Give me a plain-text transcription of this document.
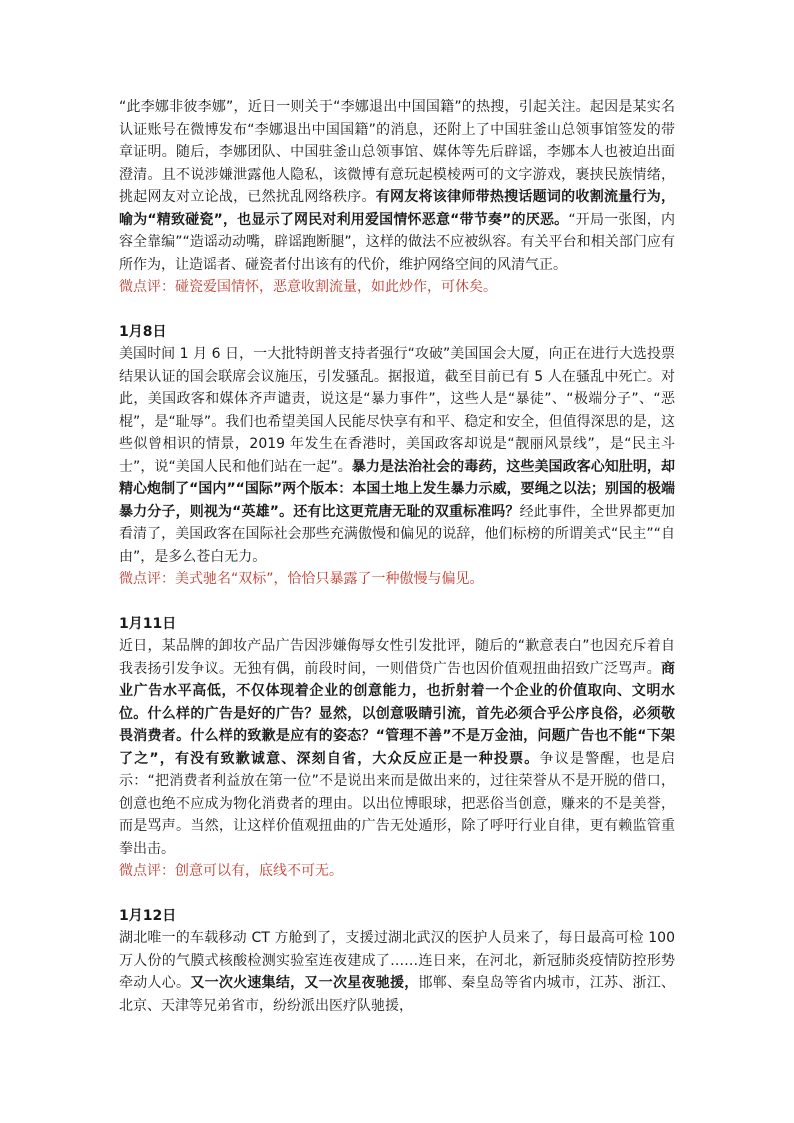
“此李娜非彼李娜”，近日一则关于“李娜退出中国国籍”的热搜，引起关注。起因是某实名认证账号在微博发布“李娜退出中国国籍”的消息，还附上了中国驻釜山总领事馆签发的带章证明。随后，李娜团队、中国驻釜山总领事馆、媒体等先后辟谣，李娜本人也被迫出面澄清。且不说涉嫌泄露他人隐私，该微博有意玩起模棱两可的文字游戏，裹挟民族情绪，挑起网友对立论战，已然扰乱网络秩序。有网友将该律师带热搜话题词的收割流量行为，喻为“精致碰瓷”，也显示了网民对利用爱国情怀恶意“带节奏”的厌恶。“开局一张图，内容全靠编”“造谣动动嘴，辟谣跑断腿”，这样的做法不应被纵容。有关平台和相关部门应有所作为，让造谣者、碰瓷者付出该有的代价，维护网络空间的风清气正。

微点评：碰瓷爱国情怀，恶意收割流量，如此炒作，可休矣。

1月8日

美国时间 1 月 6 日，一大批特朗普支持者强行“攻破”美国国会大厦，向正在进行大选投票结果认证的国会联席会议施压，引发骚乱。据报道，截至目前已有 5 人在骚乱中死亡。对此，美国政客和媒体齐声谴责，说这是“暴力事件”，这些人是“暴徒”、“极端分子”、“恶棍”，是“耻辱”。我们也希望美国人民能尽快享有和平、稳定和安全，但值得深思的是，这些似曾相识的情景，2019 年发生在香港时，美国政客却说是“靓丽风景线”，是“民主斗士”，说“美国人民和他们站在一起”。暴力是法治社会的毒药，这些美国政客心知肚明，却精心炮制了“国内”“国际”两个版本：本国土地上发生暴力示威，要绳之以法；别国的极端暴力分子，则视为“英雄”。还有比这更荒唐无耻的双重标准吗？经此事件，全世界都更加看清了，美国政客在国际社会那些充满傲慢和偏见的说辞，他们标榜的所谓美式“民主”“自由”，是多么苍白无力。

微点评：美式驰名“双标”，恰恰只暴露了一种傲慢与偏见。

1月11日

近日，某品牌的卸妆产品广告因涉嫌侮辱女性引发批评，随后的“歉意表白”也因充斥着自我表扬引发争议。无独有偶，前段时间，一则借贷广告也因价值观扭曲招致广泛骂声。商业广告水平高低，不仅体现着企业的创意能力，也折射着一个企业的价值取向、文明水位。什么样的广告是好的广告？显然，以创意吸睛引流，首先必须合乎公序良俗，必须敬畏消费者。什么样的致歉是应有的姿态？“管理不善”不是万金油，问题广告也不能“下架了之”，有没有致歉诚意、深刻自省，大众反应正是一种投票。争议是警醒，也是启示：“把消费者利益放在第一位”不是说出来而是做出来的，过往荣誉从不是开脱的借口，创意也绝不应成为物化消费者的理由。以出位博眼球，把恶俗当创意，赚来的不是美誉，而是骂声。当然，让这样价值观扭曲的广告无处遁形，除了呼吁行业自律，更有赖监管重拳出击。

微点评：创意可以有，底线不可无。

1月12日

湖北唯一的车载移动 CT 方舱到了，支援过湖北武汉的医护人员来了，每日最高可检 100 万人份的气膜式核酸检测实验室连夜建成了……连日来，在河北，新冠肺炎疫情防控形势牵动人心。又一次火速集结，又一次星夜驰援，邯郸、秦皇岛等省内城市，江苏、浙江、北京、天津等兄弟省市，纷纷派出医疗队驰援，
